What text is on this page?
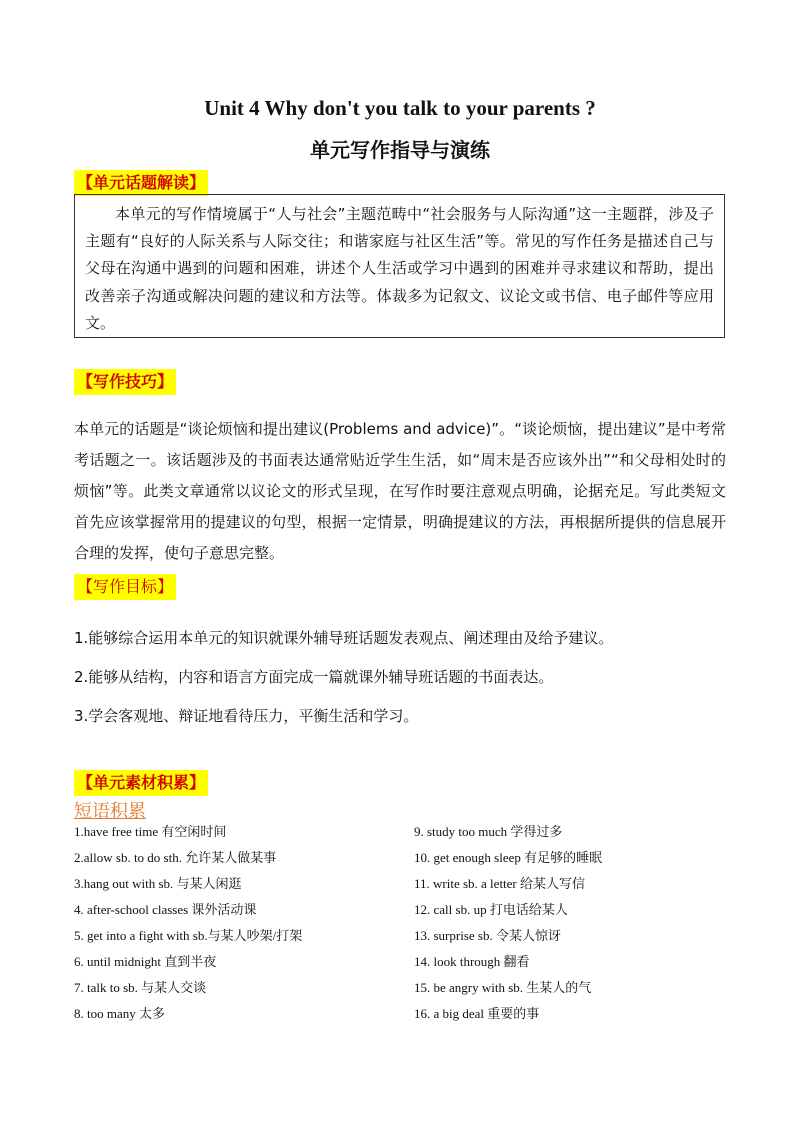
Unit 4 Why don't you talk to your parents ?
单元写作指导与演练
【单元话题解读】

本单元的写作情境属于“人与社会”主题范畴中“社会服务与人际沟通”这一主题群，涉及子主题有“良好的人际关系与人际交往；和谐家庭与社区生活”等。常见的写作任务是描述自己与父母在沟通中遇到的问题和困难，讲述个人生活或学习中遇到的困难并寻求建议和帮助，提出改善亲子沟通或解决问题的建议和方法等。体裁多为记叙文、议论文或书信、电子邮件等应用文。

【写作技巧】

本单元的话题是“谈论烦恼和提出建议(Problems and advice)”。“谈论烦恼，提出建议”是中考常考话题之一。该话题涉及的书面表达通常贴近学生生活，如“周末是否应该外出”“和父母相处时的烦恼”等。此类文章通常以议论文的形式呈现，在写作时要注意观点明确，论据充足。写此类短文首先应该掌握常用的提建议的句型，根据一定情景，明确提建议的方法，再根据所提供的信息展开合理的发挥，使句子意思完整。

【写作目标】

1.能够综合运用本单元的知识就课外辅导班话题发表观点、阐述理由及给予建议。

2.能够从结构，内容和语言方面完成一篇就课外辅导班话题的书面表达。

3.学会客观地、辩证地看待压力，平衡生活和学习。

【单元素材积累】
短语积累
1.have free time 有空闲时间
2.allow sb. to do sth. 允许某人做某事
3.hang out with sb. 与某人闲逛
4. after-school classes 课外活动课
5. get into a fight with sb.与某人吵架/打架
6. until midnight 直到半夜
7. talk to sb. 与某人交谈
8. too many 太多
9. study too much 学得过多
10. get enough sleep 有足够的睡眠
11. write sb. a letter 给某人写信
12. call sb. up 打电话给某人
13. surprise sb. 令某人惊讶
14. look through 翻看
15. be angry with sb. 生某人的气
16. a big deal 重要的事
